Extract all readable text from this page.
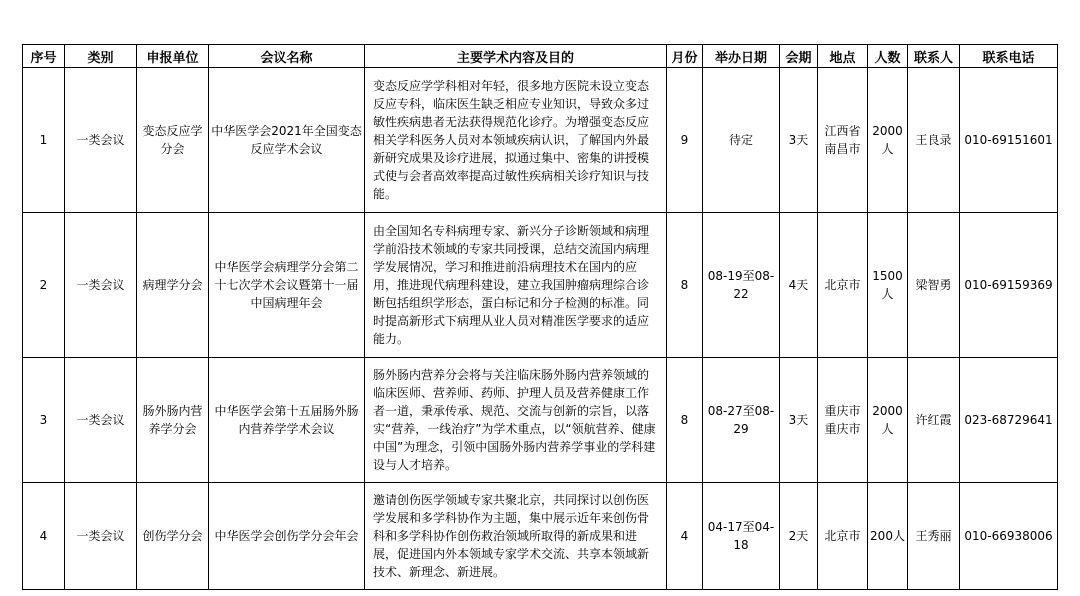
序号	类别	申报单位	会议名称	主要学术内容及目的	月份	举办日期	会期	地点	人数	联系人	联系电话
1	一类会议	变态反应学分会	中华医学会2021年全国变态反应学术会议	变态反应学学科相对年轻，很多地方医院未设立变态反应专科，临床医生缺乏相应专业知识，导致众多过敏性疾病患者无法获得规范化诊疗。为增强变态反应相关学科医务人员对本领域疾病认识，了解国内外最新研究成果及诊疗进展，拟通过集中、密集的讲授模式使与会者高效率提高过敏性疾病相关诊疗知识与技能。	9	待定	3天	江西省南昌市	2000人	王良录	010-69151601
2	一类会议	病理学分会	中华医学会病理学分会第二十七次学术会议暨第十一届中国病理年会	由全国知名专科病理专家、新兴分子诊断领域和病理学前沿技术领域的专家共同授课，总结交流国内病理学发展情况，学习和推进前沿病理技术在国内的应用，推进现代病理科建设，建立我国肿瘤病理综合诊断包括组织学形态，蛋白标记和分子检测的标准。同时提高新形式下病理从业人员对精准医学要求的适应能力。	8	08-19至08-22	4天	北京市	1500人	梁智勇	010-69159369
3	一类会议	肠外肠内营养学分会	中华医学会第十五届肠外肠内营养学学术会议	肠外肠内营养分会将与关注临床肠外肠内营养领域的临床医师、营养师、药师、护理人员及营养健康工作者一道，秉承传承、规范、交流与创新的宗旨，以落实“营养，一线治疗”为学术重点，以“领航营养、健康中国”为理念，引领中国肠外肠内营养学事业的学科建设与人才培养。	8	08-27至08-29	3天	重庆市重庆市	2000人	许红霞	023-68729641
4	一类会议	创伤学分会	中华医学会创伤学分会年会	邀请创伤医学领域专家共聚北京，共同探讨以创伤医学发展和多学科协作为主题，集中展示近年来创伤骨科和多学科协作创伤救治领域所取得的新成果和进展，促进国内外本领域专家学术交流、共享本领域新技术、新理念、新进展。	4	04-17至04-18	2天	北京市	200人	王秀丽	010-66938006
